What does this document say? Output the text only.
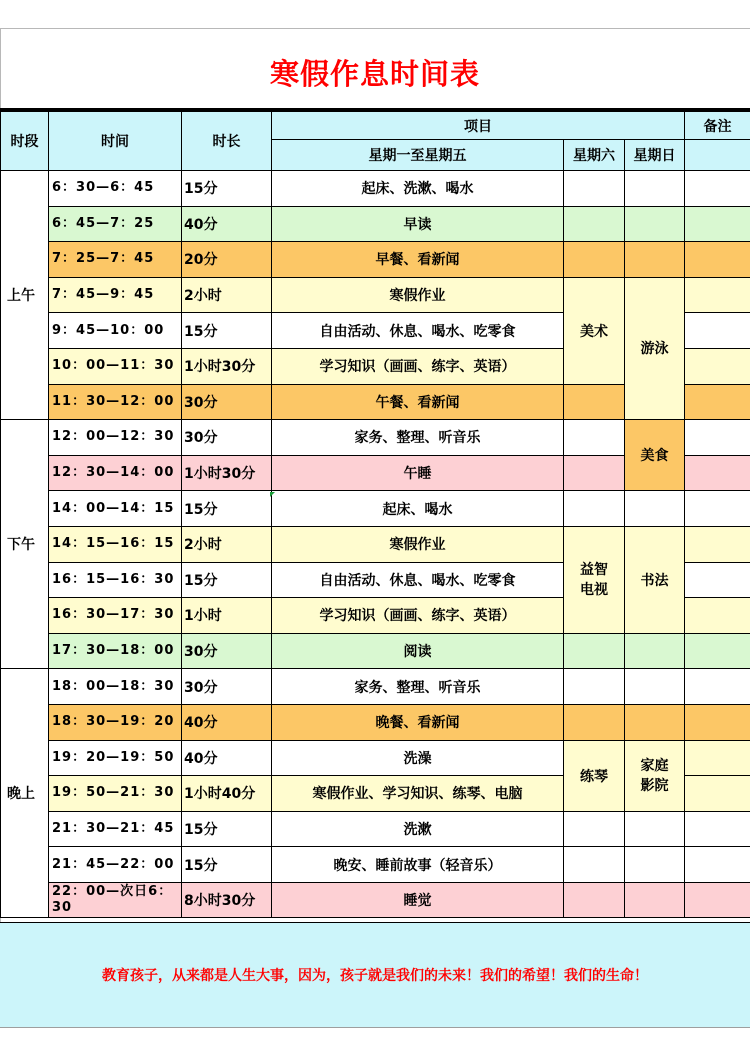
寒假作息时间表
时段	时间	时长	项目			备注
			星期一至星期五	星期六	星期日	
上午	6：30—6：45	15分	起床、洗漱、喝水			
	6：45—7：25	40分	早读			
	7：25—7：45	20分	早餐、看新闻			
	7：45—9：45	2小时	寒假作业	美术	游泳	
	9：45—10：00	15分	自由活动、休息、喝水、吃零食			
	10：00—11：30	1小时30分	学习知识（画画、练字、英语）			
	11：30—12：00	30分	午餐、看新闻			
下午	12：00—12：30	30分	家务、整理、听音乐		美食	
	12：30—14：00	1小时30分	午睡			
	14：00—14：15	15分	起床、喝水			
	14：15—16：15	2小时	寒假作业	益智电视	书法	
	16：15—16：30	15分	自由活动、休息、喝水、吃零食			
	16：30—17：30	1小时	学习知识（画画、练字、英语）			
	17：30—18：00	30分	阅读			
晚上	18：00—18：30	30分	家务、整理、听音乐			
	18：30—19：20	40分	晚餐、看新闻			
	19：20—19：50	40分	洗澡	练琴	家庭影院	
	19：50—21：30	1小时40分	寒假作业、学习知识、练琴、电脑			
	21：30—21：45	15分	洗漱			
	21：45—22：00	15分	晚安、睡前故事（轻音乐）			
	22：00—次日6：30	8小时30分	睡觉			
教育孩子，从来都是人生大事，因为，孩子就是我们的未来！我们的希望！我们的生命！
